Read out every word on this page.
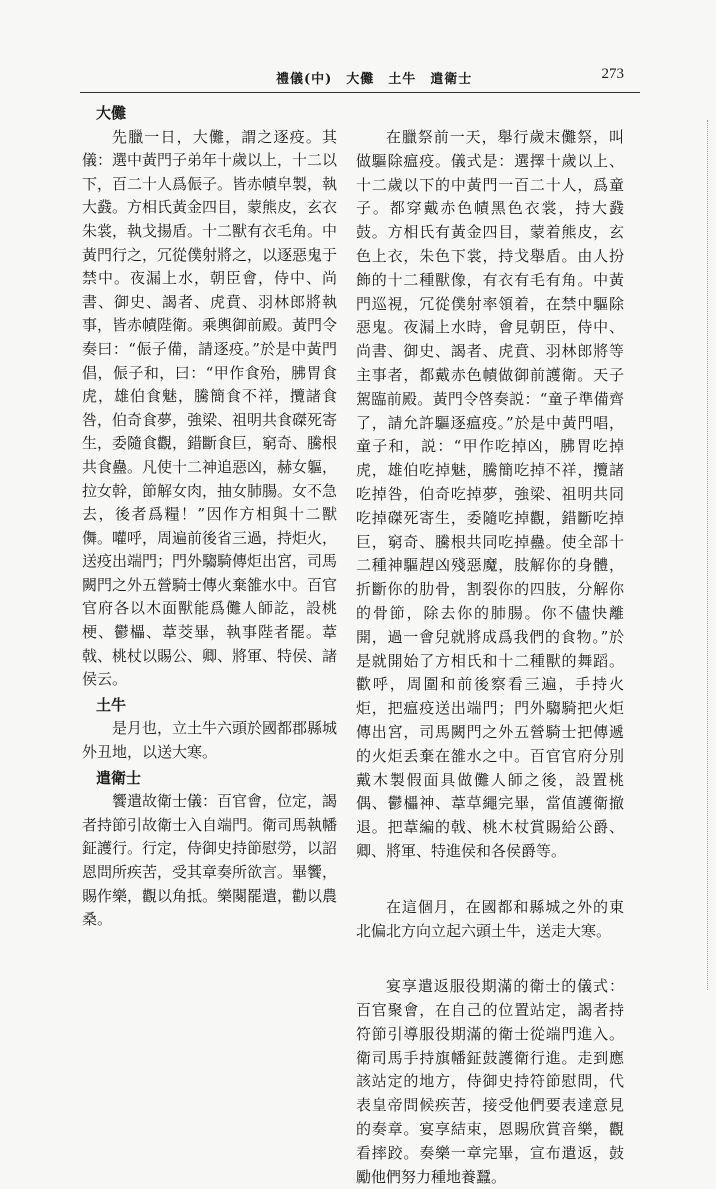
禮儀(中)　大儺　土牛　遣衛士	273

大儺

先臘一日，大儺，謂之逐疫。其儀：選中黃門子弟年十歲以上，十二以下，百二十人爲侲子。皆赤幘皁製，執大鼗。方相氏黃金四目，蒙熊皮，玄衣朱裳，執戈揚盾。十二獸有衣毛角。中黃門行之，冗從僕射將之，以逐惡鬼于禁中。夜漏上水，朝臣會，侍中、尚書、御史、謁者、虎賁、羽林郎將執事，皆赤幘陛衛。乘輿御前殿。黃門令奏曰：“侲子備，請逐疫。”於是中黃門倡，侲子和，曰：“甲作食殆，胇胃食虎，雄伯食魅，騰簡食不祥，攬諸食咎，伯奇食夢，強梁、祖明共食磔死寄生，委隨食觀，錯斷食巨，窮奇、騰根共食蠱。凡使十二神追惡凶，赫女軀，拉女幹，節解女肉，抽女肺腸。女不急去，後者爲糧！”因作方相與十二獸儛。嚾呼，周遍前後省三過，持炬火，送疫出端門；門外騶騎傳炬出宮，司馬闕門之外五營騎士傳火棄雒水中。百官官府各以木面獸能爲儺人師訖，設桃梗、鬱櫑、葦茭畢，執事陛者罷。葦戟、桃杖以賜公、卿、將軍、特侯、諸侯云。

土牛

是月也，立土牛六頭於國都郡縣城外丑地，以送大寒。

遣衛士

饗遣故衛士儀：百官會，位定，謁者持節引故衛士入自端門。衛司馬執幡鉦護行。行定，侍御史持節慰勞，以詔恩問所疾苦，受其章奏所欲言。畢饗，賜作樂，觀以角抵。樂闋罷遣，勸以農桑。

在臘祭前一天，舉行歲末儺祭，叫做驅除瘟疫。儀式是：選擇十歲以上、十二歲以下的中黃門一百二十人，爲童子。都穿戴赤色幘黑色衣裳，持大鼗鼓。方相氏有黃金四目，蒙着熊皮，玄色上衣，朱色下裳，持戈舉盾。由人扮飾的十二種獸像，有衣有毛有角。中黃門巡視，冗從僕射率領着，在禁中驅除惡鬼。夜漏上水時，會見朝臣，侍中、尚書、御史、謁者、虎賁、羽林郎將等主事者，都戴赤色幘做御前護衛。天子駕臨前殿。黃門令啓奏説：“童子準備齊了，請允許驅逐瘟疫。”於是中黃門唱，童子和，説：“甲作吃掉凶，胇胃吃掉虎，雄伯吃掉魅，騰簡吃掉不祥，攬諸吃掉咎，伯奇吃掉夢，強梁、祖明共同吃掉磔死寄生，委隨吃掉觀，錯斷吃掉巨，窮奇、騰根共同吃掉蠱。使全部十二種神驅趕凶殘惡魔，肢解你的身體，折斷你的肋骨，割裂你的四肢，分解你的骨節，除去你的肺腸。你不儘快離開，過一會兒就將成爲我們的食物。”於是就開始了方相氏和十二種獸的舞蹈。歡呼，周圍和前後察看三遍，手持火炬，把瘟疫送出端門；門外騶騎把火炬傳出宮，司馬闕門之外五營騎士把傳遞的火炬丢棄在雒水之中。百官官府分別戴木製假面具做儺人師之後，設置桃偶、鬱櫑神、葦草繩完畢，當值護衛撤退。把葦編的戟、桃木杖賞賜給公爵、卿、將軍、特進侯和各侯爵等。

在這個月，在國都和縣城之外的東北偏北方向立起六頭土牛，送走大寒。

宴享遣返服役期滿的衛士的儀式：百官聚會，在自己的位置站定，謁者持符節引導服役期滿的衛士從端門進入。衛司馬手持旗幡鉦鼓護衛行進。走到應該站定的地方，侍御史持符節慰問，代表皇帝問候疾苦，接受他們要表達意見的奏章。宴享結束，恩賜欣賞音樂，觀看摔跤。奏樂一章完畢，宣布遣返，鼓勵他們努力種地養蠶。
